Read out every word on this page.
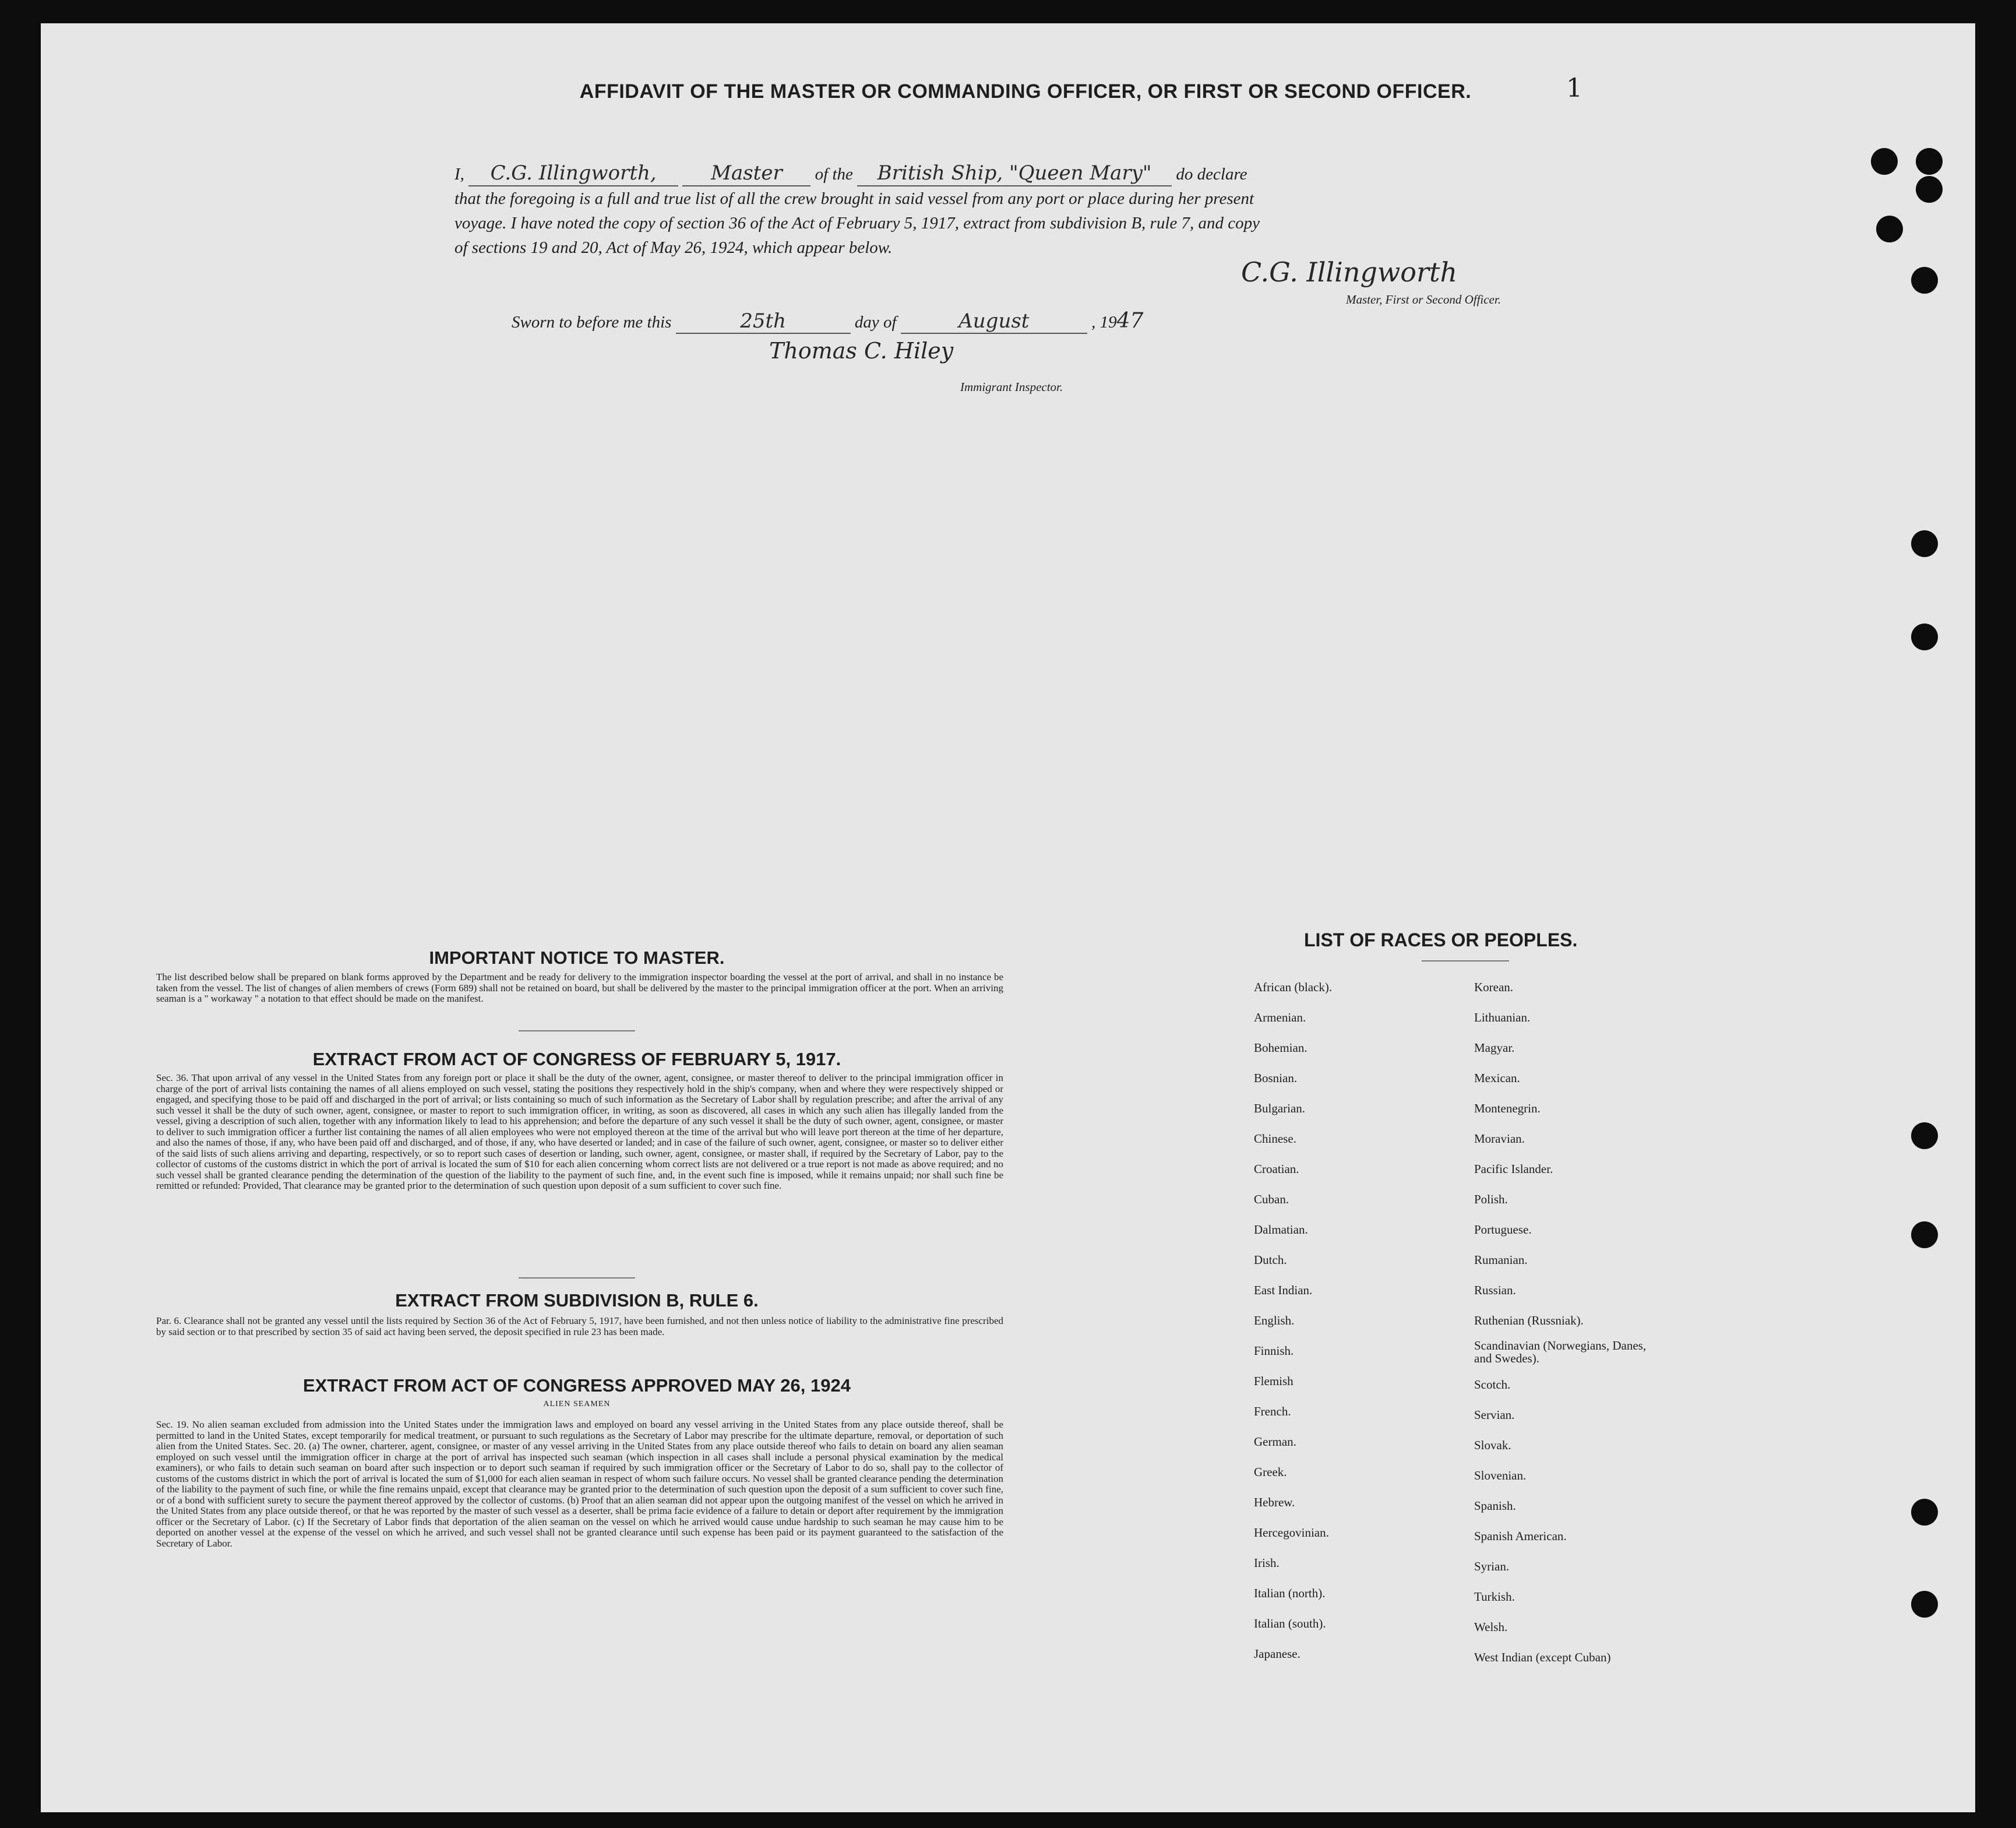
AFFIDAVIT OF THE MASTER OR COMMANDING OFFICER, OR FIRST OR SECOND OFFICER.	1
I, C.G. Illingworth,	Master of the British Ship, "Queen Mary" do declare
that the foregoing is a full and true list of all the crew brought in said vessel from any port or place during her present
voyage. I have noted the copy of section 36 of the Act of February 5, 1917, extract from subdivision B, rule 7, and copy
of sections 19 and 20, Act of May 26, 1924, which appear below.
C.G. Illingworth
Master, First or Second Officer.
Sworn to before me this	25th	day of	August	, 1947
Thomas C. Hiley
Immigrant Inspector.
IMPORTANT NOTICE TO MASTER.
The list described below shall be prepared on blank forms approved by the Department and be ready for delivery to the immigration inspector boarding the vessel at the port of arrival, and shall in no instance be taken from the vessel. The list of changes of alien members of crews (Form 689) shall not be retained on board, but shall be delivered by the master to the principal immigration officer at the port. When an arriving seaman is a " workaway " a notation to that effect should be made on the manifest.
EXTRACT FROM ACT OF CONGRESS OF FEBRUARY 5, 1917.
Sec. 36. That upon arrival of any vessel in the United States from any foreign port or place it shall be the duty of the owner, agent, consignee, or master thereof to deliver to the principal immigration officer in charge of the port of arrival lists containing the names of all aliens employed on such vessel, stating the positions they respectively hold in the ship's company, when and where they were respectively shipped or engaged, and specifying those to be paid off and discharged in the port of arrival; or lists containing so much of such information as the Secretary of Labor shall by regulation prescribe; and after the arrival of any such vessel it shall be the duty of such owner, agent, consignee, or master to report to such immigration officer, in writing, as soon as discovered, all cases in which any such alien has illegally landed from the vessel, giving a description of such alien, together with any information likely to lead to his apprehension; and before the departure of any such vessel it shall be the duty of such owner, agent, consignee, or master to deliver to such immigration officer a further list containing the names of all alien employees who were not employed thereon at the time of the arrival but who will leave port thereon at the time of her departure, and also the names of those, if any, who have been paid off and discharged, and of those, if any, who have deserted or landed; and in case of the failure of such owner, agent, consignee, or master so to deliver either of the said lists of such aliens arriving and departing, respectively, or so to report such cases of desertion or landing, such owner, agent, consignee, or master shall, if required by the Secretary of Labor, pay to the collector of customs of the customs district in which the port of arrival is located the sum of $10 for each alien concerning whom correct lists are not delivered or a true report is not made as above required; and no such vessel shall be granted clearance pending the determination of the question of the liability to the payment of such fine, and, in the event such fine is imposed, while it remains unpaid; nor shall such fine be remitted or refunded: Provided, That clearance may be granted prior to the determination of such question upon deposit of a sum sufficient to cover such fine.
EXTRACT FROM SUBDIVISION B, RULE 6.
Par. 6. Clearance shall not be granted any vessel until the lists required by Section 36 of the Act of February 5, 1917, have been furnished, and not then unless notice of liability to the administrative fine prescribed by said section or to that prescribed by section 35 of said act having been served, the deposit specified in rule 23 has been made.
EXTRACT FROM ACT OF CONGRESS APPROVED MAY 26, 1924
ALIEN SEAMEN
Sec. 19. No alien seaman excluded from admission into the United States under the immigration laws and employed on board any vessel arriving in the United States from any place outside thereof, shall be permitted to land in the United States, except temporarily for medical treatment, or pursuant to such regulations as the Secretary of Labor may prescribe for the ultimate departure, removal, or deportation of such alien from the United States. Sec. 20. (a) The owner, charterer, agent, consignee, or master of any vessel arriving in the United States from any place outside thereof who fails to detain on board any alien seaman employed on such vessel until the immigration officer in charge at the port of arrival has inspected such seaman (which inspection in all cases shall include a personal physical examination by the medical examiners), or who fails to detain such seaman on board after such inspection or to deport such seaman if required by such immigration officer or the Secretary of Labor to do so, shall pay to the collector of customs of the customs district in which the port of arrival is located the sum of $1,000 for each alien seaman in respect of whom such failure occurs. No vessel shall be granted clearance pending the determination of the liability to the payment of such fine, or while the fine remains unpaid, except that clearance may be granted prior to the determination of such question upon the deposit of a sum sufficient to cover such fine, or of a bond with sufficient surety to secure the payment thereof approved by the collector of customs. (b) Proof that an alien seaman did not appear upon the outgoing manifest of the vessel on which he arrived in the United States from any place outside thereof, or that he was reported by the master of such vessel as a deserter, shall be prima facie evidence of a failure to detain or deport after requirement by the immigration officer or the Secretary of Labor. (c) If the Secretary of Labor finds that deportation of the alien seaman on the vessel on which he arrived would cause undue hardship to such seaman he may cause him to be deported on another vessel at the expense of the vessel on which he arrived, and such vessel shall not be granted clearance until such expense has been paid or its payment guaranteed to the satisfaction of the Secretary of Labor.
LIST OF RACES OR PEOPLES.
African (black).
Armenian.
Bohemian.
Bosnian.
Bulgarian.
Chinese.
Croatian.
Cuban.
Dalmatian.
Dutch.
East Indian.
English.
Finnish.
Flemish
French.
German.
Greek.
Hebrew.
Hercegovinian.
Irish.
Italian (north).
Italian (south).
Japanese.
Korean.
Lithuanian.
Magyar.
Mexican.
Montenegrin.
Moravian.
Pacific Islander.
Polish.
Portuguese.
Rumanian.
Russian.
Ruthenian (Russniak).
Scandinavian (Norwegians, Danes, and Swedes).
Scotch.
Servian.
Slovak.
Slovenian.
Spanish.
Spanish American.
Syrian.
Turkish.
Welsh.
West Indian (except Cuban)
